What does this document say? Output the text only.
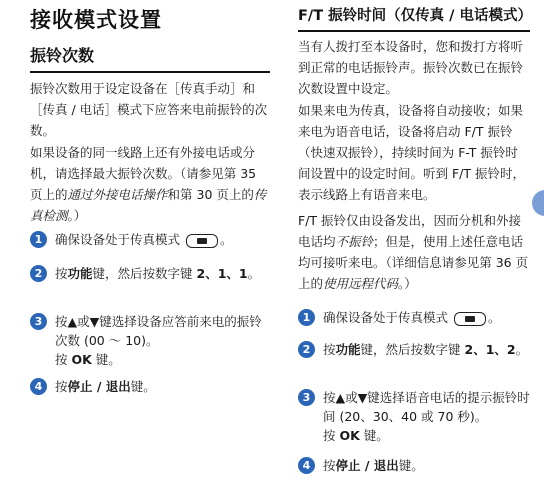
接收模式设置
振铃次数

振铃次数用于设定设备在［传真手动］和［传真 / 电话］模式下应答来电前振铃的次数。

如果设备的同一线路上还有外接电话或分机，请选择最大振铃次数。（请参见第 35 页上的通过外接电话操作和第 30 页上的传真检测。）

1	确保设备处于传真模式	。
2	按功能键，然后按数字键 2、1、1。
3	按▲或▼键选择设备应答前来电的振铃次数 (00 ～ 10)。
按 OK 键。
4	按停止 / 退出键。
F/T 振铃时间（仅传真 / 电话模式）

当有人拨打至本设备时，您和拨打方将听到正常的电话振铃声。振铃次数已在振铃次数设置中设定。

如果来电为传真，设备将自动接收；如果来电为语音电话，设备将启动 F/T 振铃（快速双振铃），持续时间为 F-T 振铃时间设置中的设定时间。听到 F/T 振铃时，表示线路上有语音来电。

F/T 振铃仅由设备发出，因而分机和外接电话均不振铃；但是，使用上述任意电话均可接听来电。（详细信息请参见第 36 页上的使用远程代码。）

1	确保设备处于传真模式	。
2	按功能键，然后按数字键 2、1、2。
3	按▲或▼键选择语音电话的提示振铃时间 (20、30、40 或 70 秒)。
按 OK 键。
4	按停止 / 退出键。
